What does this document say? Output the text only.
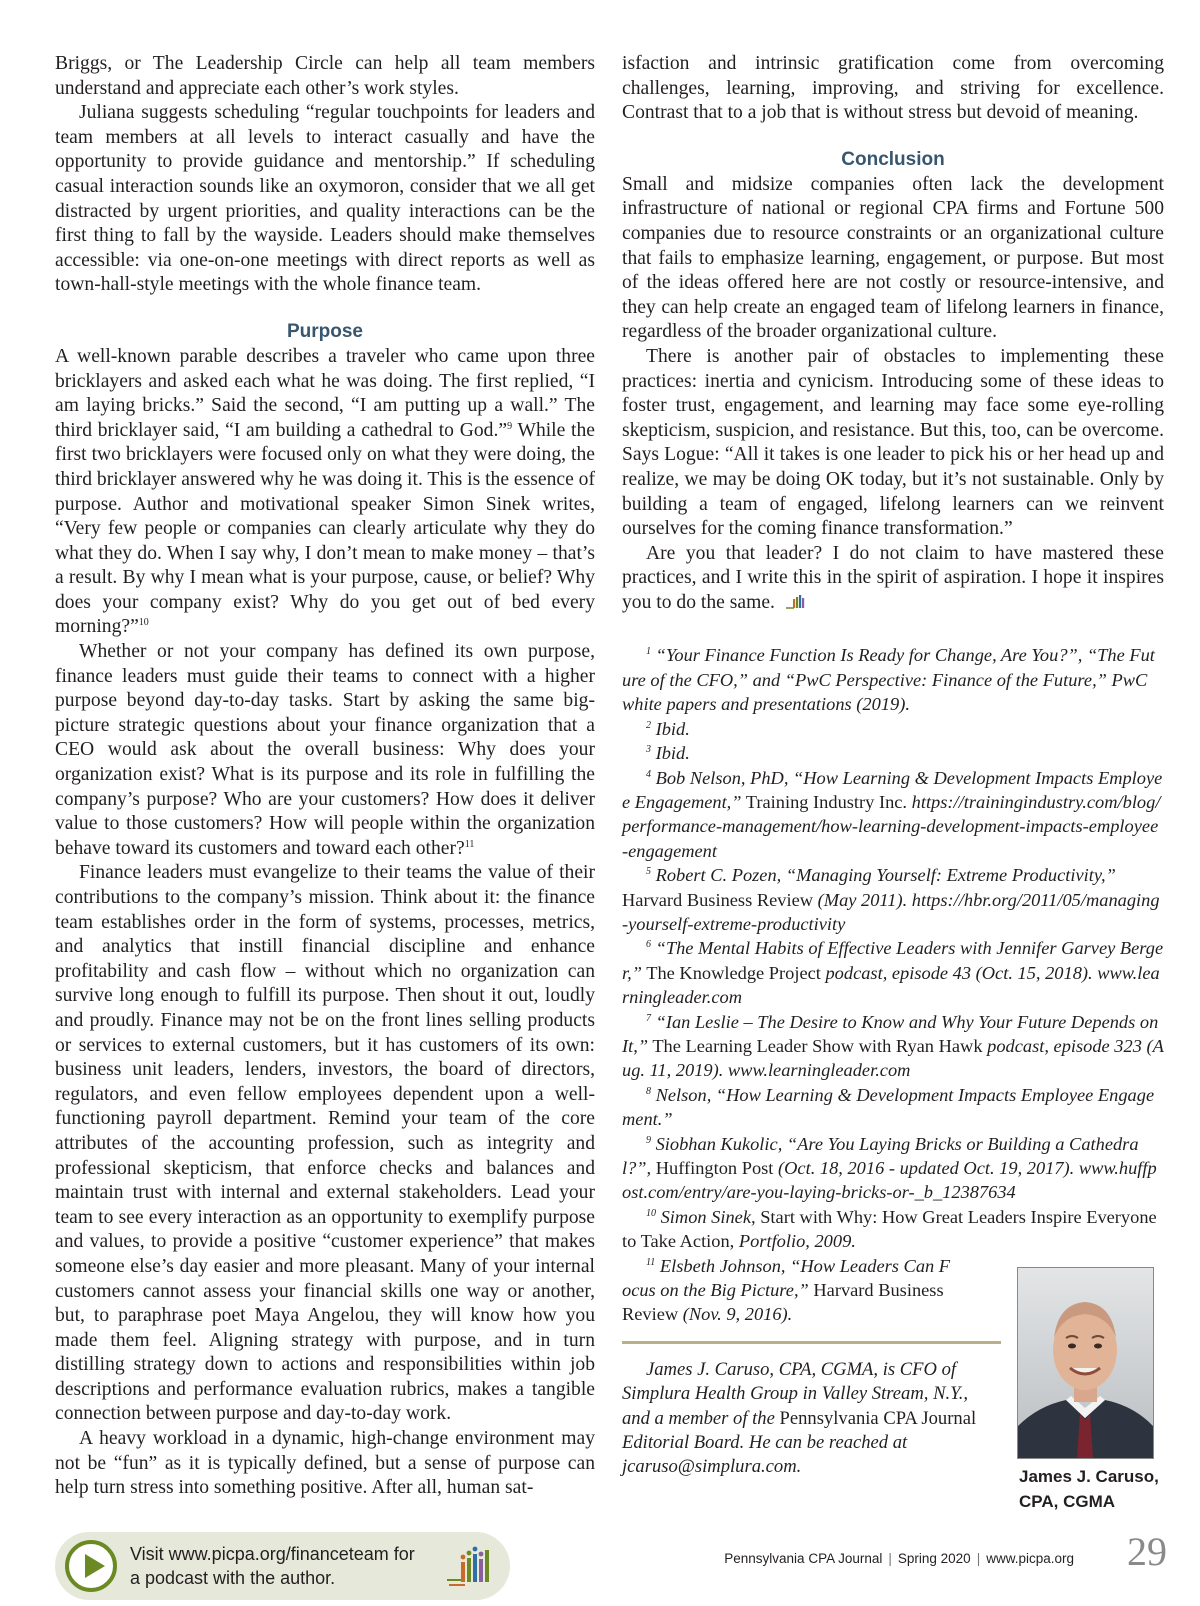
Briggs, or The Leadership Circle can help all team members understand and appreciate each other’s work styles.

Juliana suggests scheduling “regular touchpoints for leaders and team members at all levels to interact casually and have the opportunity to provide guidance and mentorship.” If scheduling casual interaction sounds like an oxymoron, consider that we all get distracted by urgent priorities, and quality interactions can be the first thing to fall by the wayside. Leaders should make themselves accessible: via one-on-one meetings with direct reports as well as town-hall-style meetings with the whole finance team.

Purpose

A well-known parable describes a traveler who came upon three bricklayers and asked each what he was doing. The first replied, “I am laying bricks.” Said the second, “I am putting up a wall.” The third bricklayer said, “I am building a cathedral to God.”$^9$ While the first two bricklayers were focused only on what they were doing, the third bricklayer answered why he was doing it. This is the essence of purpose. Author and motivational speaker Simon Sinek writes, “Very few people or companies can clearly articulate why they do what they do. When I say why, I don’t mean to make money – that’s a result. By why I mean what is your purpose, cause, or belief? Why does your company exist? Why do you get out of bed every morning?”$^{10}$

Whether or not your company has defined its own purpose, finance leaders must guide their teams to connect with a higher purpose beyond day-to-day tasks. Start by asking the same big-picture strategic questions about your finance organization that a CEO would ask about the overall business: Why does your organization exist? What is its purpose and its role in fulfilling the company’s purpose? Who are your customers? How does it deliver value to those customers? How will people within the organization behave toward its customers and toward each other?$^{11}$

Finance leaders must evangelize to their teams the value of their contributions to the company’s mission. Think about it: the finance team establishes order in the form of systems, processes, metrics, and analytics that instill financial discipline and enhance profitability and cash flow – without which no organization can survive long enough to fulfill its purpose. Then shout it out, loudly and proudly. Finance may not be on the front lines selling products or services to external customers, but it has customers of its own: business unit leaders, lenders, investors, the board of directors, regulators, and even fellow employees dependent upon a well-functioning payroll department. Remind your team of the core attributes of the accounting profession, such as integrity and professional skepticism, that enforce checks and balances and maintain trust with internal and external stakeholders. Lead your team to see every interaction as an opportunity to exemplify purpose and values, to provide a positive “customer experience” that makes someone else’s day easier and more pleasant. Many of your internal customers cannot assess your financial skills one way or another, but, to paraphrase poet Maya Angelou, they will know how you made them feel. Aligning strategy with purpose, and in turn distilling strategy down to actions and responsibilities within job descriptions and performance evaluation rubrics, makes a tangible connection between purpose and day-to-day work.

A heavy workload in a dynamic, high-change environment may not be “fun” as it is typically defined, but a sense of purpose can help turn stress into something positive. After all, human sat-

isfaction and intrinsic gratification come from overcoming challenges, learning, improving, and striving for excellence. Contrast that to a job that is without stress but devoid of meaning.

Conclusion

Small and midsize companies often lack the development infrastructure of national or regional CPA firms and Fortune 500 companies due to resource constraints or an organizational culture that fails to emphasize learning, engagement, or purpose. But most of the ideas offered here are not costly or resource-intensive, and they can help create an engaged team of lifelong learners in finance, regardless of the broader organizational culture.

There is another pair of obstacles to implementing these practices: inertia and cynicism. Introducing some of these ideas to foster trust, engagement, and learning may face some eye-rolling skepticism, suspicion, and resistance. But this, too, can be overcome. Says Logue: “All it takes is one leader to pick his or her head up and realize, we may be doing OK today, but it’s not sustainable. Only by building a team of engaged, lifelong learners can we reinvent ourselves for the coming finance transformation.”

Are you that leader? I do not claim to have mastered these practices, and I write this in the spirit of aspiration. I hope it inspires you to do the same.

$^1$ “Your Finance Function Is Ready for Change, Are You?”, “The Future of the CFO,” and “PwC Perspective: Finance of the Future,” PwC white papers and presentations (2019).

$^2$ Ibid.

$^3$ Ibid.

$^4$ Bob Nelson, PhD, “How Learning & Development Impacts Employee Engagement,” Training Industry Inc. https://trainingindustry.com/blog/performance-management/how-learning-development-impacts-employee-engagement

$^5$ Robert C. Pozen, “Managing Yourself: Extreme Productivity,” Harvard Business Review (May 2011). https://hbr.org/2011/05/managing-yourself-extreme-productivity

$^6$ “The Mental Habits of Effective Leaders with Jennifer Garvey Berger,” The Knowledge Project podcast, episode 43 (Oct. 15, 2018). www.learningleader.com

$^7$ “Ian Leslie – The Desire to Know and Why Your Future Depends on It,” The Learning Leader Show with Ryan Hawk podcast, episode 323 (Aug. 11, 2019). www.learningleader.com

$^8$ Nelson, “How Learning & Development Impacts Employee Engagement.”

$^9$ Siobhan Kukolic, “Are You Laying Bricks or Building a Cathedral?”, Huffington Post (Oct. 18, 2016 - updated Oct. 19, 2017). www.huffpost.com/entry/are-you-laying-bricks-or-_b_12387634

$^{10}$ Simon Sinek, Start with Why: How Great Leaders Inspire Everyone to Take Action, Portfolio, 2009.

$^{11}$ Elsbeth Johnson, “How Leaders Can Focus on the Big Picture,” Harvard Business Review (Nov. 9, 2016).

James J. Caruso, CPA, CGMA, is CFO of Simplura Health Group in Valley Stream, N.Y., and a member of the Pennsylvania CPA Journal Editorial Board. He can be reached at jcaruso@simplura.com.	James J. Caruso,
CPA, CGMA
Visit www.picpa.org/financeteam for
a podcast with the author.
Pennsylvania CPA Journal | Spring 2020 | www.picpa.org 29
